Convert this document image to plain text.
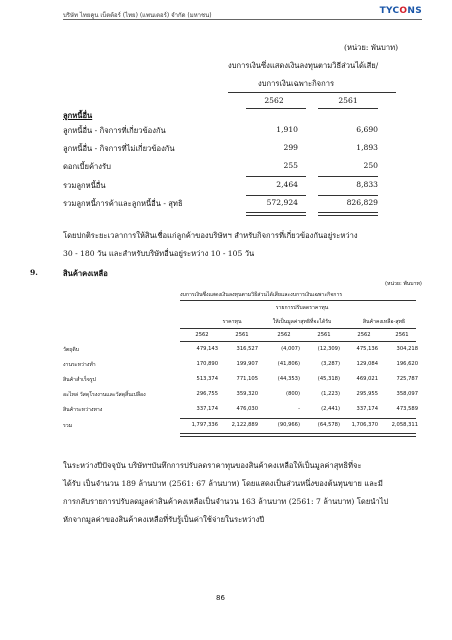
บริษัท ไทยคูน เบ็ตต้อร์ (ไทย) (แพนเตอร์) จำกัด (มหาชน)	TYCONS
(หน่วย: พันบาท)
งบการเงินซึ่งแสดงเงินลงทุนตามวิธีส่วนได้เสีย/
งบการเงินเฉพาะกิจการ
2562	2561
ลูกหนี้อื่น
ลูกหนี้อื่น - กิจการที่เกี่ยวข้องกัน	1,910	6,690
ลูกหนี้อื่น - กิจการที่ไม่เกี่ยวข้องกัน	299	1,893
ดอกเบี้ยค้างรับ	255	250
รวมลูกหนี้อื่น	2,464	8,833
รวมลูกหนี้การค้าและลูกหนี้อื่น - สุทธิ	572,924	826,829
โดยปกติระยะเวลาการให้สินเชื่อแก่ลูกค้าของบริษัทฯ สำหรับกิจการที่เกี่ยวข้องกันอยู่ระหว่าง
30 - 180 วัน และสำหรับบริษัทอื่นอยู่ระหว่าง 10 - 105 วัน
9.	สินค้าคงเหลือ
(หน่วย: พันบาท)
งบการเงินซึ่งแสดงเงินลงทุนตามวิธีส่วนได้เสียและงบการเงินเฉพาะกิจการ
รายการปรับลดราคาทุน
ราคาทุน	ให้เป็นมูลค่าสุทธิที่จะได้รับ	สินค้าคงเหลือ-สุทธิ
2562	2561	2562	2561	2562	2561
วัตถุดิบ	479,143	316,527	(4,007)	(12,309)	475,136	304,218
งานระหว่างทำ	170,890	199,907	(41,806)	(3,287)	129,084	196,620
สินค้าสำเร็จรูป	513,374	771,105	(44,353)	(45,318)	469,021	725,787
อะไหล่ วัสดุโรงงานและวัสดุสิ้นเปลือง	296,755	359,320	(800)	(1,223)	295,955	358,097
สินค้าระหว่างทาง	337,174	476,030	-	(2,441)	337,174	473,589
รวม	1,797,336	2,122,889	(90,966)	(64,578)	1,706,370	2,058,311
ในระหว่างปีปัจจุบัน บริษัทฯบันทึกการปรับลดราคาทุนของสินค้าคงเหลือให้เป็นมูลค่าสุทธิที่จะ
ได้รับ เป็นจำนวน 189 ล้านบาท (2561: 67 ล้านบาท) โดยแสดงเป็นส่วนหนึ่งของต้นทุนขาย และมี
การกลับรายการปรับลดมูลค่าสินค้าคงเหลือเป็นจำนวน 163 ล้านบาท (2561: 7 ล้านบาท) โดยนำไป
หักจากมูลค่าของสินค้าคงเหลือที่รับรู้เป็นค่าใช้จ่ายในระหว่างปี
86
